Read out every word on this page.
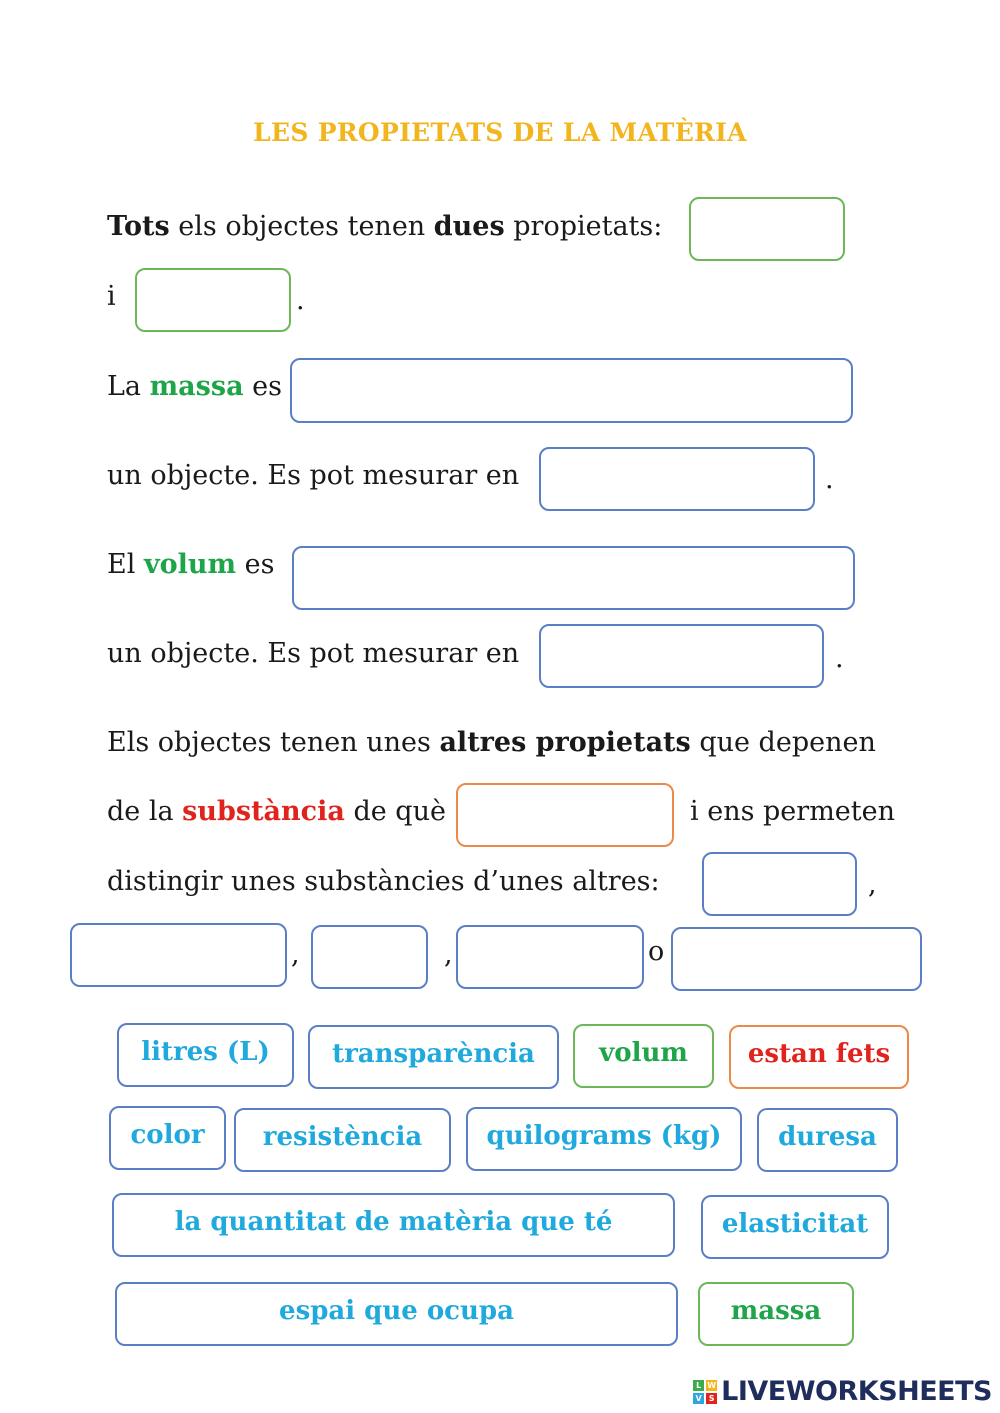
LES PROPIETATS DE LA MATÈRIA
Tots els objectes tenen dues propietats:
i	.
La massa es
un objecte. Es pot mesurar en	.
El volum es
un objecte. Es pot mesurar en	.
Els objectes tenen unes altres propietats que depenen
de la substància de què	i ens permeten
distingir unes substàncies d’unes altres:	,
,	,	o
litres (L)	transparència	volum	estan fets
color	resistència	quilograms (kg)	duresa
la quantitat de matèria que té	elasticitat
espai que ocupa	massa
L W
V S LIVEWORKSHEETS
